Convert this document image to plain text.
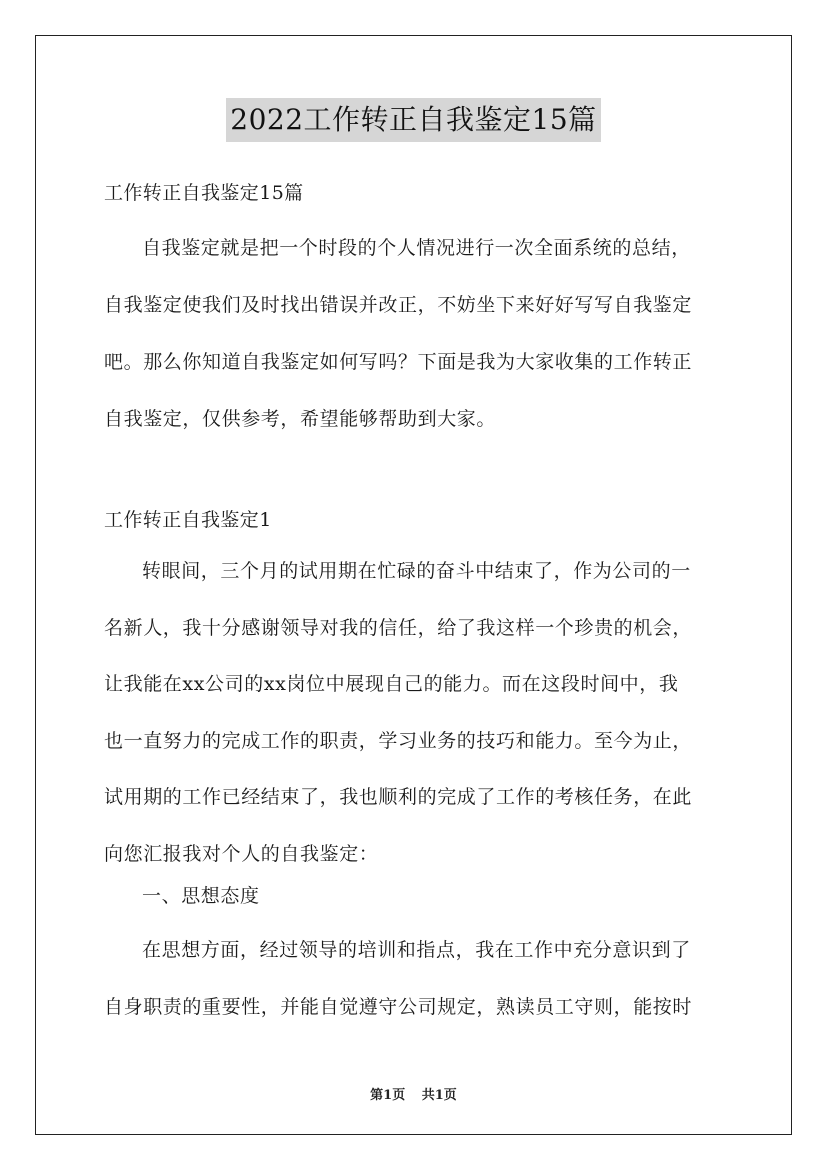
2022工作转正自我鉴定15篇
工作转正自我鉴定15篇
自我鉴定就是把一个时段的个人情况进行一次全面系统的总结，
自我鉴定使我们及时找出错误并改正，不妨坐下来好好写写自我鉴定
吧。那么你知道自我鉴定如何写吗？下面是我为大家收集的工作转正
自我鉴定，仅供参考，希望能够帮助到大家。
工作转正自我鉴定1
转眼间，三个月的试用期在忙碌的奋斗中结束了，作为公司的一
名新人，我十分感谢领导对我的信任，给了我这样一个珍贵的机会，
让我能在xx公司的xx岗位中展现自己的能力。而在这段时间中，我
也一直努力的完成工作的职责，学习业务的技巧和能力。至今为止，
试用期的工作已经结束了，我也顺利的完成了工作的考核任务，在此
向您汇报我对个人的自我鉴定：
一、思想态度
在思想方面，经过领导的培训和指点，我在工作中充分意识到了
自身职责的重要性，并能自觉遵守公司规定，熟读员工守则，能按时
第1页 共1页
